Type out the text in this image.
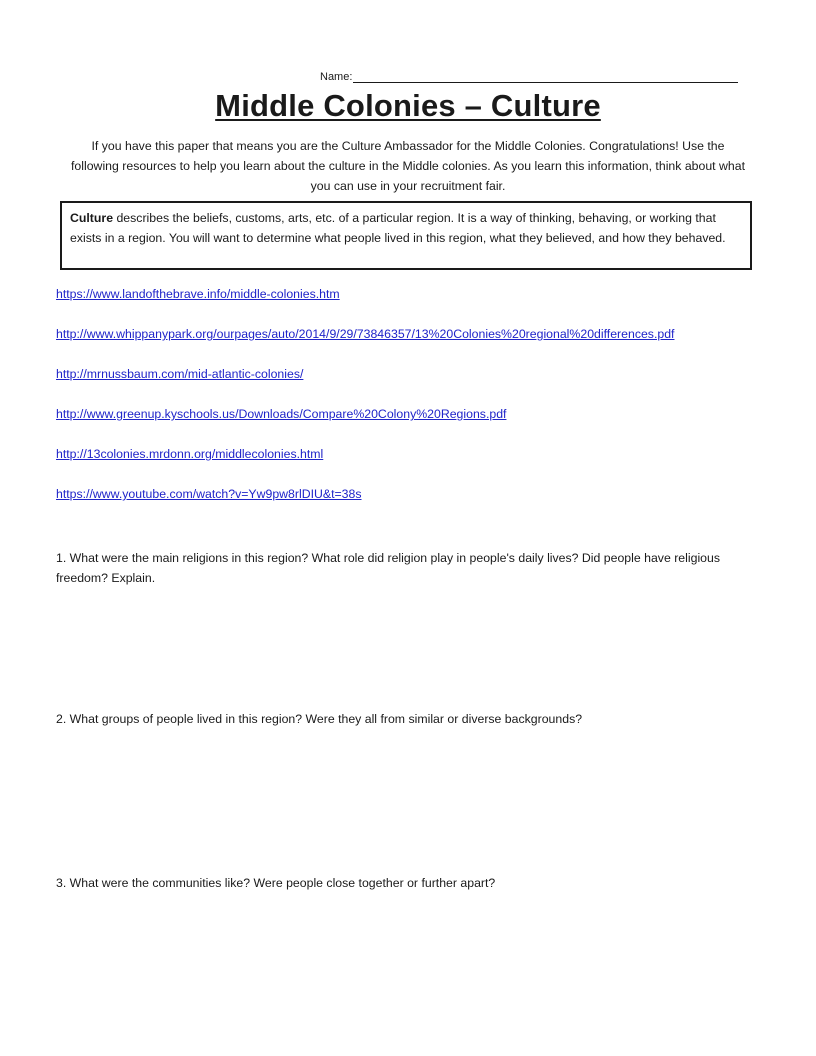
Name:
Middle Colonies – Culture
If you have this paper that means you are the Culture Ambassador for the Middle Colonies. Congratulations! Use the following resources to help you learn about the culture in the Middle colonies. As you learn this information, think about what you can use in your recruitment fair.
Culture describes the beliefs, customs, arts, etc. of a particular region. It is a way of thinking, behaving, or working that exists in a region. You will want to determine what people lived in this region, what they believed, and how they behaved.
https://www.landofthebrave.info/middle-colonies.htm
http://www.whippanypark.org/ourpages/auto/2014/9/29/73846357/13%20Colonies%20regional%20differences.pdf
http://mrnussbaum.com/mid-atlantic-colonies/
http://www.greenup.kyschools.us/Downloads/Compare%20Colony%20Regions.pdf
http://13colonies.mrdonn.org/middlecolonies.html
https://www.youtube.com/watch?v=Yw9pw8rlDIU&t=38s
1. What were the main religions in this region? What role did religion play in people's daily lives? Did people have religious freedom? Explain.
2. What groups of people lived in this region? Were they all from similar or diverse backgrounds?
3. What were the communities like? Were people close together or further apart?
